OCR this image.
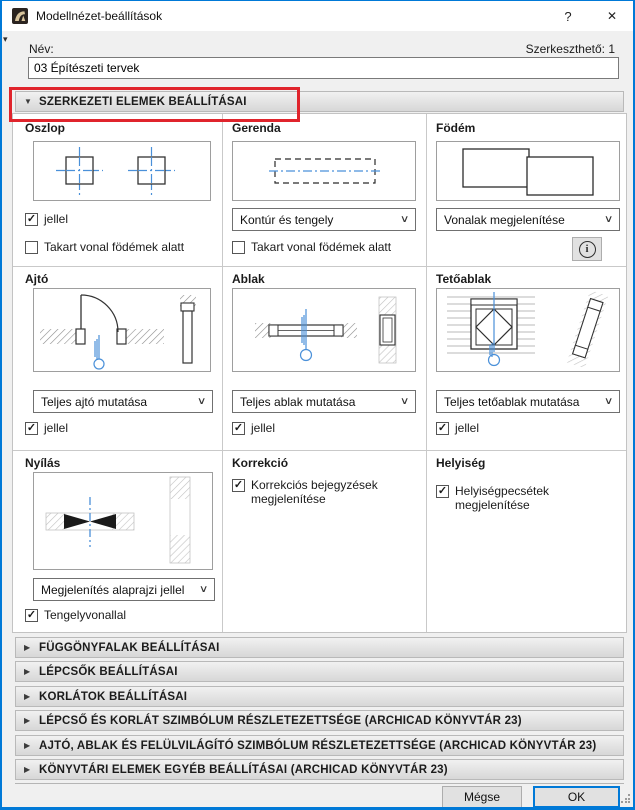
Modellnézet-beállítások	?	✕
▾
Név:	Szerkeszthető: 1
03 Építészeti tervek
▼ SZERKEZETI ELEMEK BEÁLLÍTÁSAI
Oszlop
✓ jellel
Takart vonal födémek alatt
Gerenda
Kontúr és tengely	∨
Takart vonal födémek alatt
Födém
Vonalak megjelenítése	∨
i
Ajtó
Teljes ajtó mutatása	∨
✓ jellel
Ablak
Teljes ablak mutatása	∨
✓ jellel
Tetőablak
Teljes tetőablak mutatása ∨
✓ jellel
Nyílás
Megjelenítés alaprajzi jellel ∨
✓ Tengelyvonallal
Korrekció
✓ Korrekciós bejegyzések megjelenítése
Helyiség
✓ Helyiségpecsétek megjelenítése
▶ FÜGGÖNYFALAK BEÁLLÍTÁSAI
▶ LÉPCSŐK BEÁLLÍTÁSAI
▶ KORLÁTOK BEÁLLÍTÁSAI
▶ LÉPCSŐ ÉS KORLÁT SZIMBÓLUM RÉSZLETEZETTSÉGE (ARCHICAD KÖNYVTÁR 23)
▶ AJTÓ, ABLAK ÉS FELÜLVILÁGÍTÓ SZIMBÓLUM RÉSZLETEZETTSÉGE (ARCHICAD KÖNYVTÁR 23)
▶ KÖNYVTÁRI ELEMEK EGYÉB BEÁLLÍTÁSAI (ARCHICAD KÖNYVTÁR 23)
Mégse	OK
